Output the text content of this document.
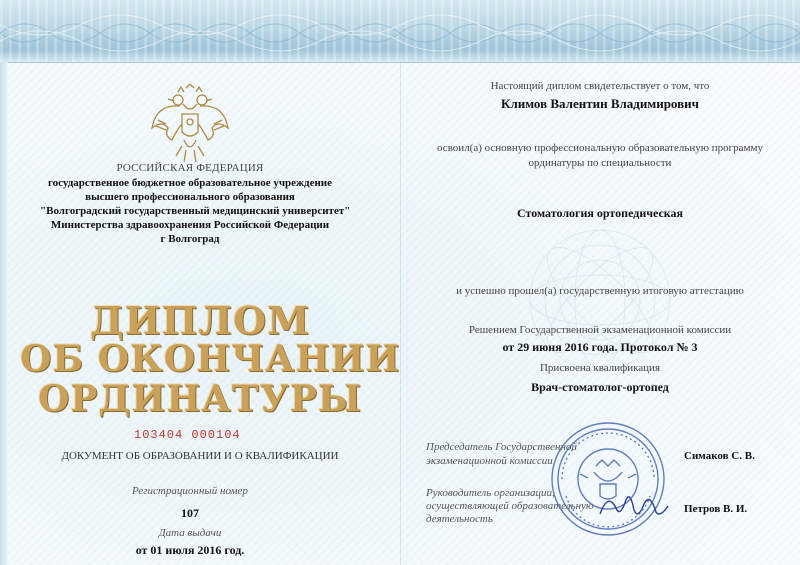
РОССИЙСКАЯ ФЕДЕРАЦИЯ
государственное бюджетное образовательное учреждение
высшего профессионального образования
"Волгоградский государственный медицинский университет"
Министерства здравоохранения Российской Федерации
г Волгоград
ДИПЛОМ
ОБ ОКОНЧАНИИ
ОРДИНАТУРЫ
103404 000104
ДОКУМЕНТ ОБ ОБРАЗОВАНИИ И О КВАЛИФИКАЦИИ
Регистрационный номер
107
Дата выдачи
от 01 июля 2016 год.
Настоящий диплом свидетельствует о том, что
Климов Валентин Владимирович
освоил(а) основную профессиональную образовательную программу
ординатуры по специальности
Стоматология ортопедическая
и успешно прошел(а) государственную итоговую аттестацию
Решением Государственной экзаменационной комиссии
от 29 июня 2016 года. Протокол № 3
Присвоена квалификация
Врач-стоматолог-ортопед
Председатель Государственной
экзаменационной комиссии	Симаков С. В.
Руководитель организации,
осуществляющей образовательную
деятельность
Петров В. И.
